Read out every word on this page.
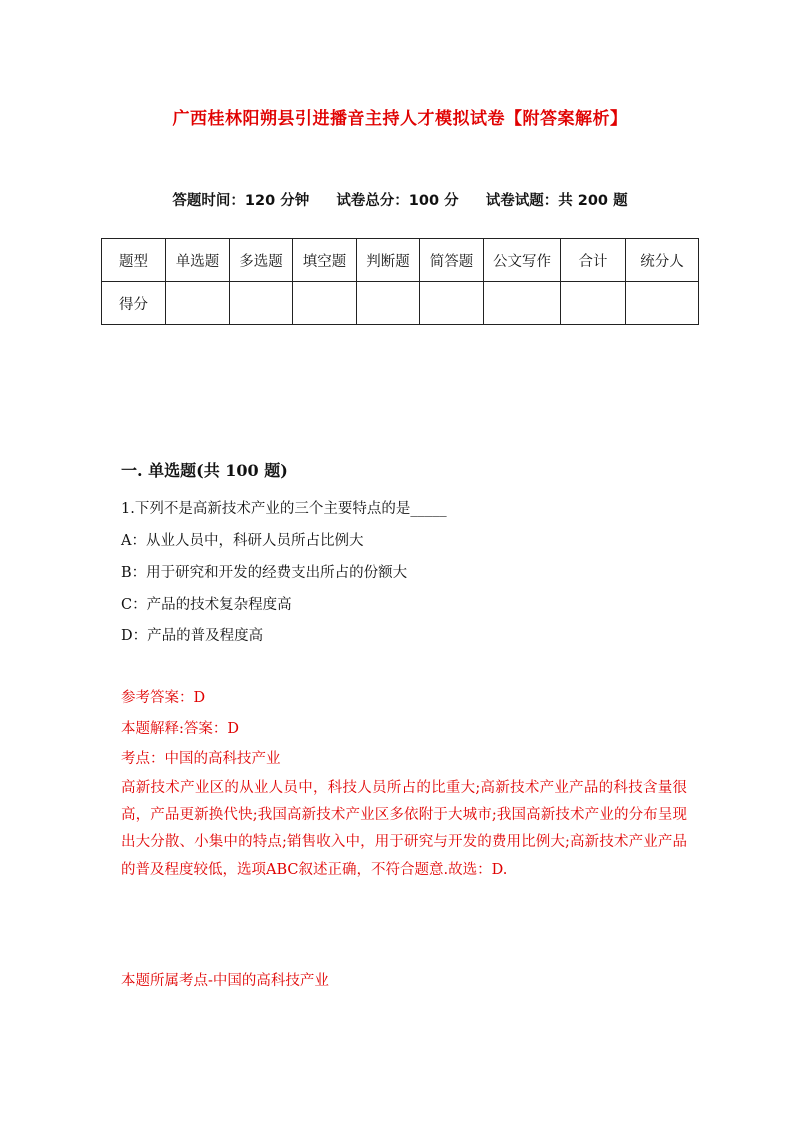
广西桂林阳朔县引进播音主持人才模拟试卷【附答案解析】
答题时间：120 分钟 试卷总分：100 分 试卷试题：共 200 题
题型	单选题	多选题	填空题	判断题	简答题	公文写作	合计	统分人
得分								
一. 单选题(共 100 题)
1.下列不是高新技术产业的三个主要特点的是_____
A：从业人员中，科研人员所占比例大
B：用于研究和开发的经费支出所占的份额大
C：产品的技术复杂程度高
D：产品的普及程度高
参考答案：D
本题解释:答案：D
考点：中国的高科技产业
高新技术产业区的从业人员中，科技人员所占的比重大;高新技术产业产品的科技含量很高，产品更新换代快;我国高新技术产业区多依附于大城市;我国高新技术产业的分布呈现出大分散、小集中的特点;销售收入中，用于研究与开发的费用比例大;高新技术产业产品的普及程度较低，选项ABC叙述正确，不符合题意.故选：D.
本题所属考点-中国的高科技产业
